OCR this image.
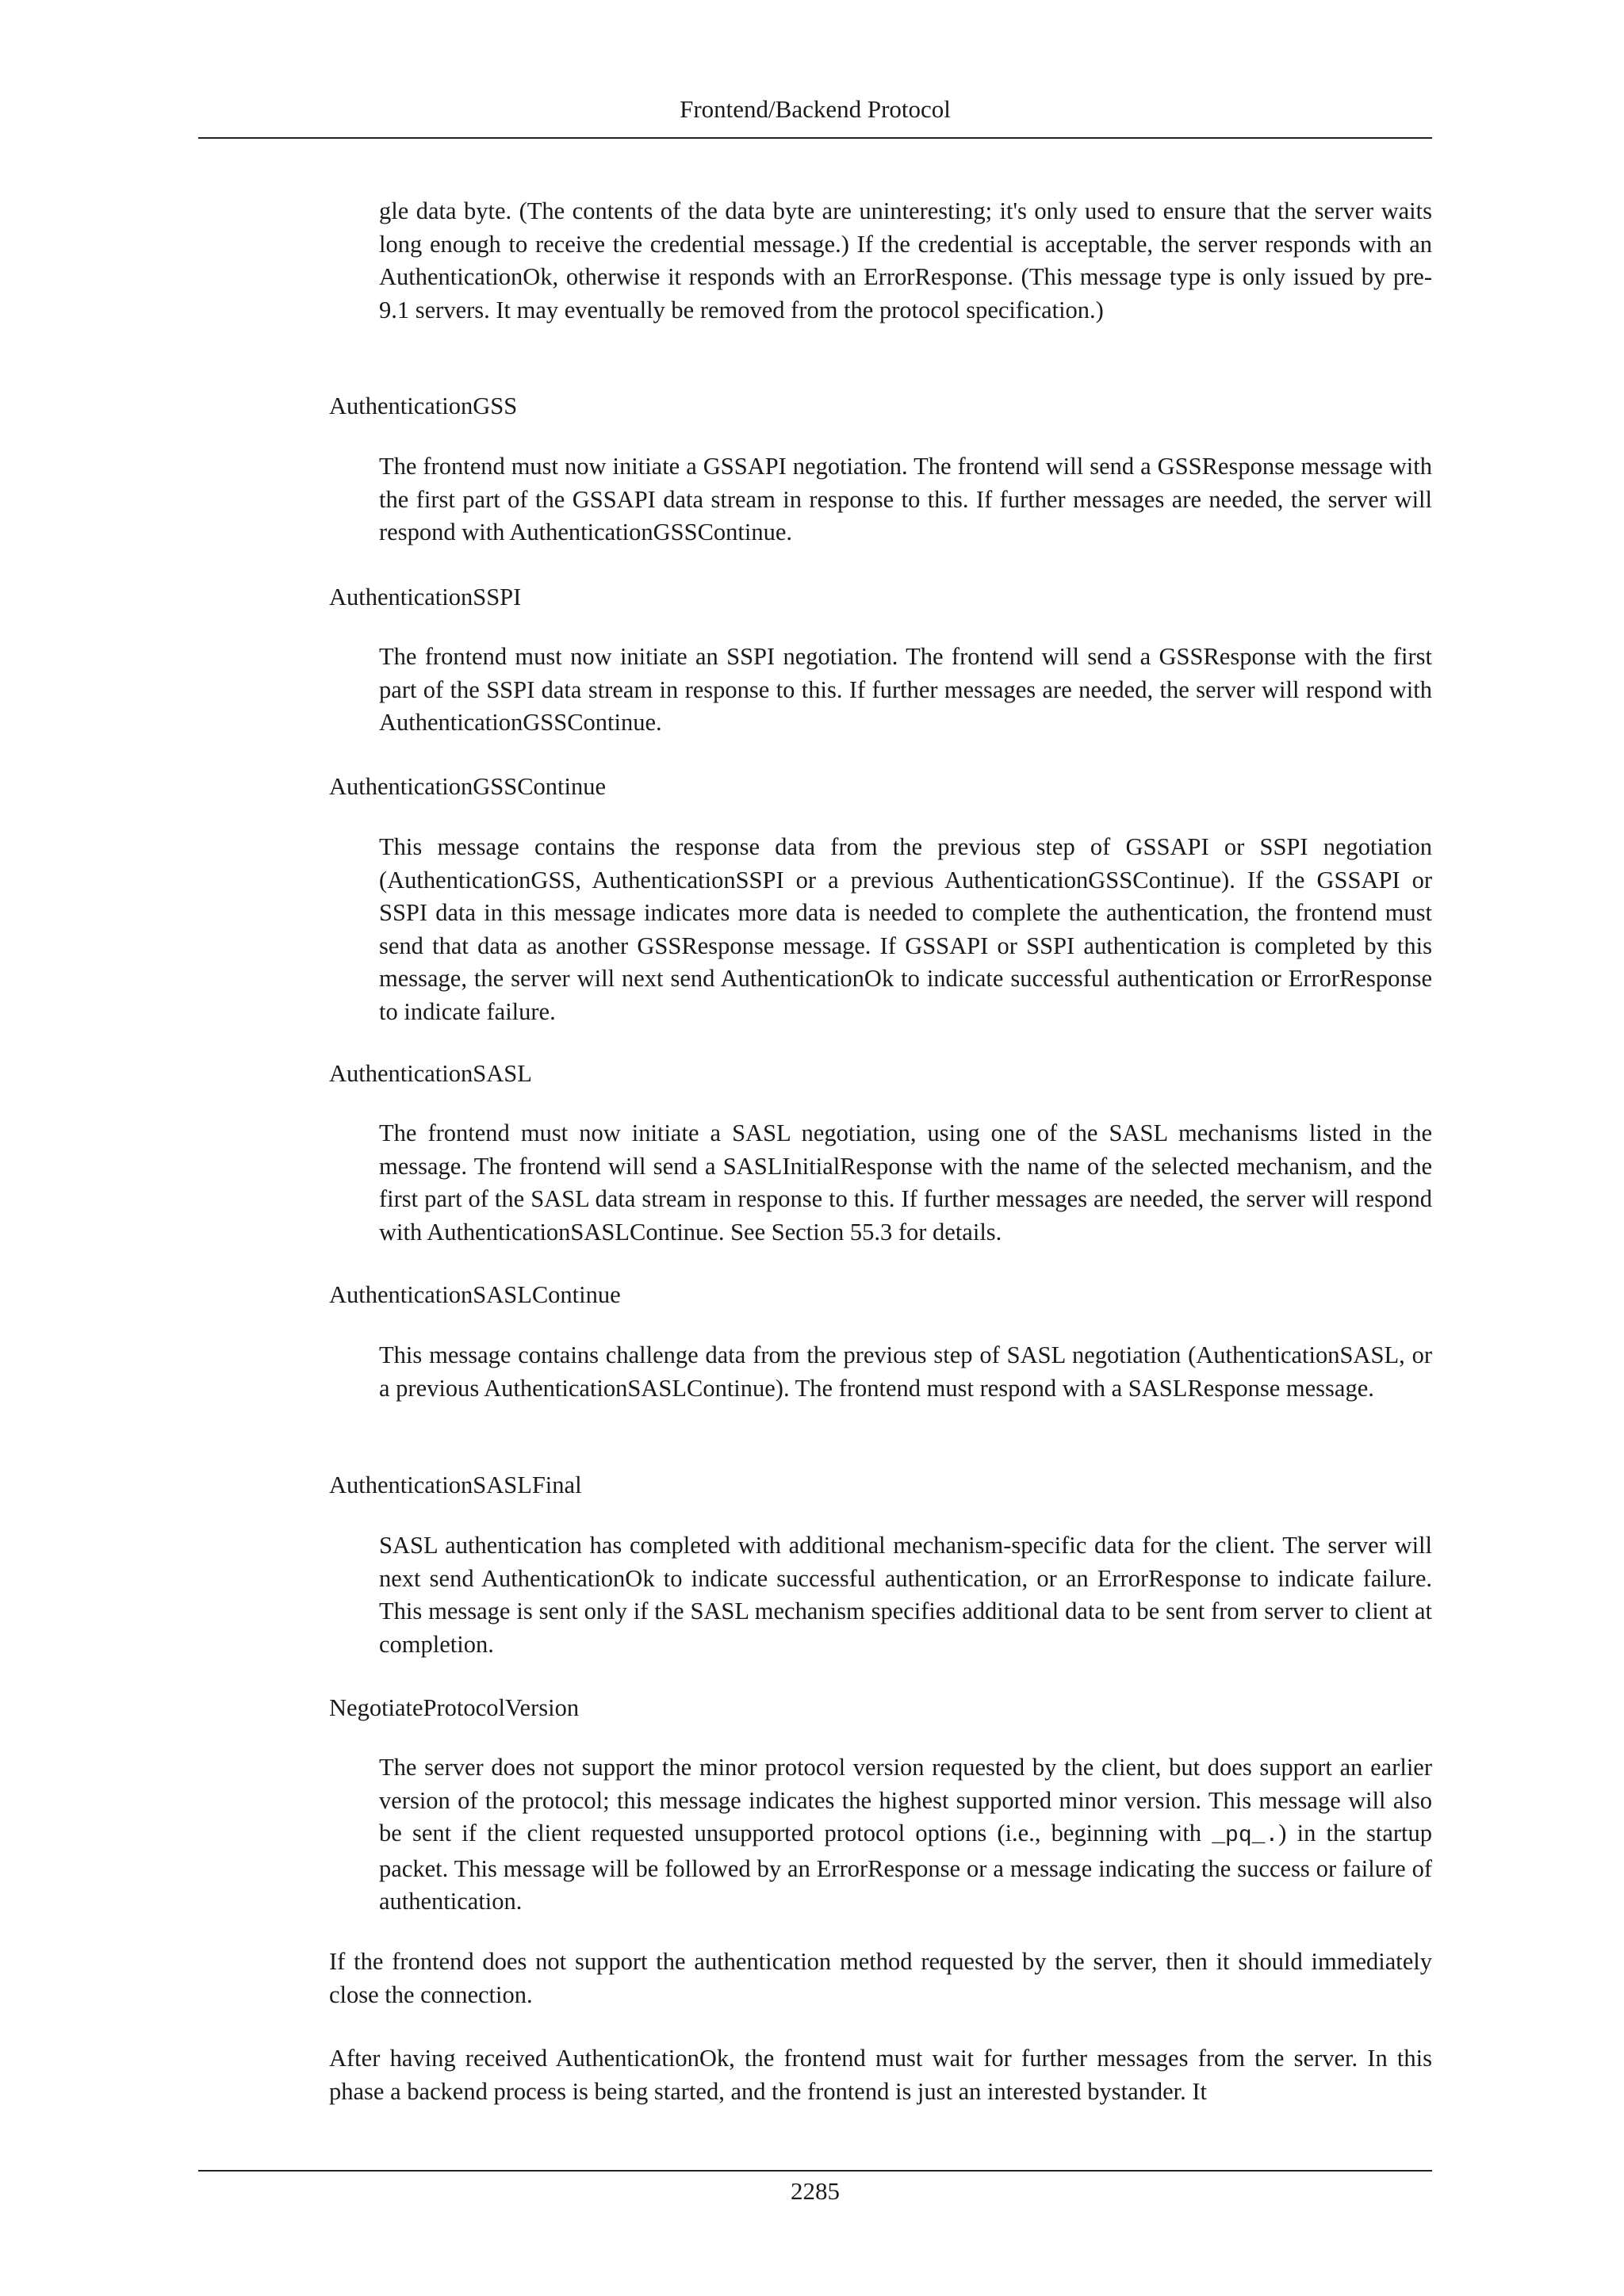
Frontend/Backend Protocol

gle data byte. (The contents of the data byte are uninteresting; it's only used to ensure that the server waits long enough to receive the credential message.) If the credential is acceptable, the server responds with an AuthenticationOk, otherwise it responds with an ErrorResponse. (This message type is only issued by pre-9.1 servers. It may eventually be removed from the protocol specification.)

AuthenticationGSS

The frontend must now initiate a GSSAPI negotiation. The frontend will send a GSSResponse message with the first part of the GSSAPI data stream in response to this. If further messages are needed, the server will respond with AuthenticationGSSContinue.

AuthenticationSSPI

The frontend must now initiate an SSPI negotiation. The frontend will send a GSSResponse with the first part of the SSPI data stream in response to this. If further messages are needed, the server will respond with AuthenticationGSSContinue.

AuthenticationGSSContinue

This message contains the response data from the previous step of GSSAPI or SSPI negotiation (AuthenticationGSS, AuthenticationSSPI or a previous AuthenticationGSSContinue). If the GSSAPI or SSPI data in this message indicates more data is needed to complete the authentication, the frontend must send that data as another GSSResponse message. If GSSAPI or SSPI authentication is completed by this message, the server will next send AuthenticationOk to indicate successful authentication or ErrorResponse to indicate failure.

AuthenticationSASL

The frontend must now initiate a SASL negotiation, using one of the SASL mechanisms listed in the message. The frontend will send a SASLInitialResponse with the name of the selected mechanism, and the first part of the SASL data stream in response to this. If further messages are needed, the server will respond with AuthenticationSASLContinue. See Section 55.3 for details.

AuthenticationSASLContinue

This message contains challenge data from the previous step of SASL negotiation (AuthenticationSASL, or a previous AuthenticationSASLContinue). The frontend must respond with a SASLResponse message.

AuthenticationSASLFinal

SASL authentication has completed with additional mechanism-specific data for the client. The server will next send AuthenticationOk to indicate successful authentication, or an ErrorResponse to indicate failure. This message is sent only if the SASL mechanism specifies additional data to be sent from server to client at completion.

NegotiateProtocolVersion

The server does not support the minor protocol version requested by the client, but does support an earlier version of the protocol; this message indicates the highest supported minor version. This message will also be sent if the client requested unsupported protocol options (i.e., beginning with _pq_.) in the startup packet. This message will be followed by an ErrorResponse or a message indicating the success or failure of authentication.

If the frontend does not support the authentication method requested by the server, then it should immediately close the connection.

After having received AuthenticationOk, the frontend must wait for further messages from the server. In this phase a backend process is being started, and the frontend is just an interested bystander. It

2285
